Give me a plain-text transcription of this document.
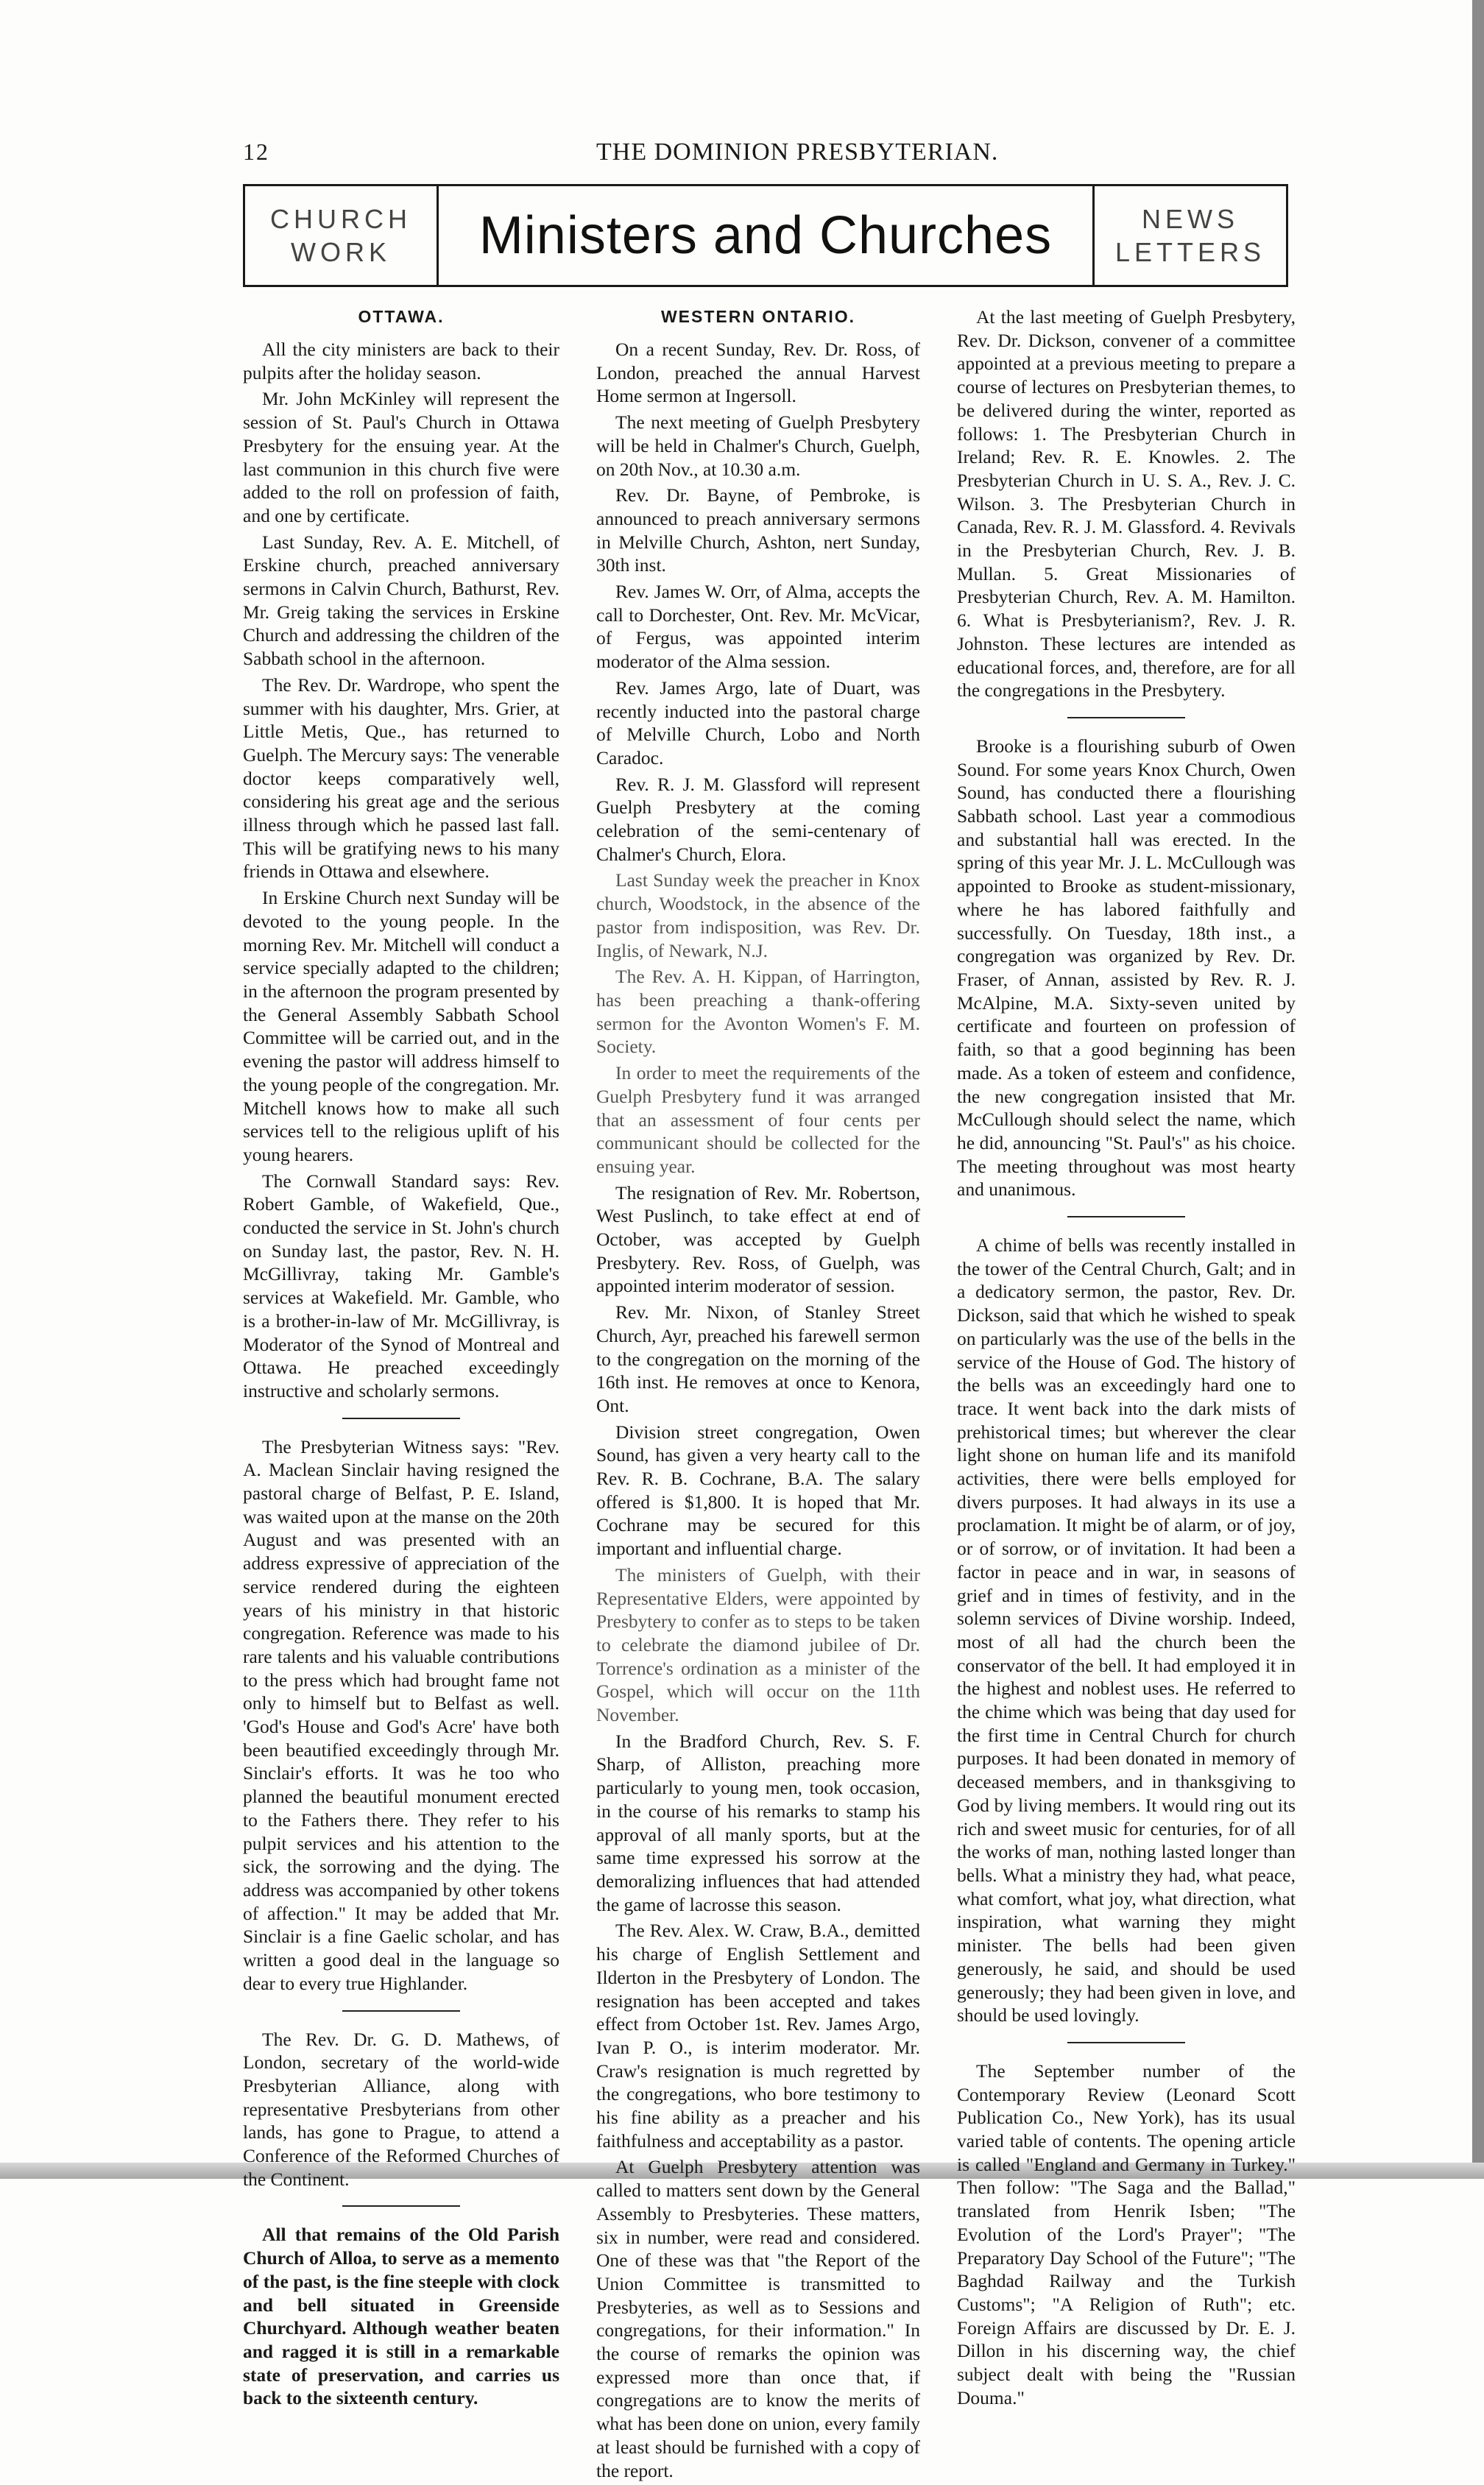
12	THE DOMINION PRESBYTERIAN.
CHURCH
WORK	Ministers and Churches	NEWS
LETTERS
OTTAWA.

All the city ministers are back to their pulpits after the holiday season.

Mr. John McKinley will represent the session of St. Paul's Church in Ottawa Presbytery for the ensuing year. At the last communion in this church five were added to the roll on profession of faith, and one by certificate.

Last Sunday, Rev. A. E. Mitchell, of Erskine church, preached anniversary sermons in Calvin Church, Bathurst, Rev. Mr. Greig taking the services in Erskine Church and addressing the children of the Sabbath school in the afternoon.

The Rev. Dr. Wardrope, who spent the summer with his daughter, Mrs. Grier, at Little Metis, Que., has returned to Guelph. The Mercury says: The venerable doctor keeps comparatively well, considering his great age and the serious illness through which he passed last fall. This will be gratifying news to his many friends in Ottawa and elsewhere.

In Erskine Church next Sunday will be devoted to the young people. In the morning Rev. Mr. Mitchell will conduct a service specially adapted to the children; in the afternoon the program presented by the General Assembly Sabbath School Committee will be carried out, and in the evening the pastor will address himself to the young people of the congregation. Mr. Mitchell knows how to make all such services tell to the religious uplift of his young hearers.

The Cornwall Standard says: Rev. Robert Gamble, of Wakefield, Que., conducted the service in St. John's church on Sunday last, the pastor, Rev. N. H. McGillivray, taking Mr. Gamble's services at Wakefield. Mr. Gamble, who is a brother-in-law of Mr. McGillivray, is Moderator of the Synod of Montreal and Ottawa. He preached exceedingly instructive and scholarly sermons.

The Presbyterian Witness says: "Rev. A. Maclean Sinclair having resigned the pastoral charge of Belfast, P. E. Island, was waited upon at the manse on the 20th August and was presented with an address expressive of appreciation of the service rendered during the eighteen years of his ministry in that historic congregation. Reference was made to his rare talents and his valuable contributions to the press which had brought fame not only to himself but to Belfast as well. 'God's House and God's Acre' have both been beautified exceedingly through Mr. Sinclair's efforts. It was he too who planned the beautiful monument erected to the Fathers there. They refer to his pulpit services and his attention to the sick, the sorrowing and the dying. The address was accompanied by other tokens of affection." It may be added that Mr. Sinclair is a fine Gaelic scholar, and has written a good deal in the language so dear to every true Highlander.

The Rev. Dr. G. D. Mathews, of London, secretary of the world-wide Presbyterian Alliance, along with representative Presbyterians from other lands, has gone to Prague, to attend a Conference of the Reformed Churches of the Continent.

All that remains of the Old Parish Church of Alloa, to serve as a memento of the past, is the fine steeple with clock and bell situated in Greenside Churchyard. Although weather beaten and ragged it is still in a remarkable state of preservation, and carries us back to the sixteenth century.

WESTERN ONTARIO.

On a recent Sunday, Rev. Dr. Ross, of London, preached the annual Harvest Home sermon at Ingersoll.

The next meeting of Guelph Presbytery will be held in Chalmer's Church, Guelph, on 20th Nov., at 10.30 a.m.

Rev. Dr. Bayne, of Pembroke, is announced to preach anniversary sermons in Melville Church, Ashton, nert Sunday, 30th inst.

Rev. James W. Orr, of Alma, accepts the call to Dorchester, Ont. Rev. Mr. McVicar, of Fergus, was appointed interim moderator of the Alma session.

Rev. James Argo, late of Duart, was recently inducted into the pastoral charge of Melville Church, Lobo and North Caradoc.

Rev. R. J. M. Glassford will represent Guelph Presbytery at the coming celebration of the semi-centenary of Chalmer's Church, Elora.

Last Sunday week the preacher in Knox church, Woodstock, in the absence of the pastor from indisposition, was Rev. Dr. Inglis, of Newark, N.J.

The Rev. A. H. Kippan, of Harrington, has been preaching a thank-offering sermon for the Avonton Women's F. M. Society.

In order to meet the requirements of the Guelph Presbytery fund it was arranged that an assessment of four cents per communicant should be collected for the ensuing year.

The resignation of Rev. Mr. Robertson, West Puslinch, to take effect at end of October, was accepted by Guelph Presbytery. Rev. Ross, of Guelph, was appointed interim moderator of session.

Rev. Mr. Nixon, of Stanley Street Church, Ayr, preached his farewell sermon to the congregation on the morning of the 16th inst. He removes at once to Kenora, Ont.

Division street congregation, Owen Sound, has given a very hearty call to the Rev. R. B. Cochrane, B.A. The salary offered is $1,800. It is hoped that Mr. Cochrane may be secured for this important and influential charge.

The ministers of Guelph, with their Representative Elders, were appointed by Presbytery to confer as to steps to be taken to celebrate the diamond jubilee of Dr. Torrence's ordination as a minister of the Gospel, which will occur on the 11th November.

In the Bradford Church, Rev. S. F. Sharp, of Alliston, preaching more particularly to young men, took occasion, in the course of his remarks to stamp his approval of all manly sports, but at the same time expressed his sorrow at the demoralizing influences that had attended the game of lacrosse this season.

The Rev. Alex. W. Craw, B.A., demitted his charge of English Settlement and Ilderton in the Presbytery of London. The resignation has been accepted and takes effect from October 1st. Rev. James Argo, Ivan P. O., is interim moderator. Mr. Craw's resignation is much regretted by the congregations, who bore testimony to his fine ability as a preacher and his faithfulness and acceptability as a pastor.

At Guelph Presbytery attention was called to matters sent down by the General Assembly to Presbyteries. These matters, six in number, were read and considered. One of these was that "the Report of the Union Committee is transmitted to Presbyteries, as well as to Sessions and congregations, for their information." In the course of remarks the opinion was expressed more than once that, if congregations are to know the merits of what has been done on union, every family at least should be furnished with a copy of the report.

At the last meeting of Guelph Presbytery, Rev. Dr. Dickson, convener of a committee appointed at a previous meeting to prepare a course of lectures on Presbyterian themes, to be delivered during the winter, reported as follows: 1. The Presbyterian Church in Ireland; Rev. R. E. Knowles. 2. The Presbyterian Church in U. S. A., Rev. J. C. Wilson. 3. The Presbyterian Church in Canada, Rev. R. J. M. Glassford. 4. Revivals in the Presbyterian Church, Rev. J. B. Mullan. 5. Great Missionaries of Presbyterian Church, Rev. A. M. Hamilton. 6. What is Presbyterianism?, Rev. J. R. Johnston. These lectures are intended as educational forces, and, therefore, are for all the congregations in the Presbytery.

Brooke is a flourishing suburb of Owen Sound. For some years Knox Church, Owen Sound, has conducted there a flourishing Sabbath school. Last year a commodious and substantial hall was erected. In the spring of this year Mr. J. L. McCullough was appointed to Brooke as student-missionary, where he has labored faithfully and successfully. On Tuesday, 18th inst., a congregation was organized by Rev. Dr. Fraser, of Annan, assisted by Rev. R. J. McAlpine, M.A. Sixty-seven united by certificate and fourteen on profession of faith, so that a good beginning has been made. As a token of esteem and confidence, the new congregation insisted that Mr. McCullough should select the name, which he did, announcing "St. Paul's" as his choice. The meeting throughout was most hearty and unanimous.

A chime of bells was recently installed in the tower of the Central Church, Galt; and in a dedicatory sermon, the pastor, Rev. Dr. Dickson, said that which he wished to speak on particularly was the use of the bells in the service of the House of God. The history of the bells was an exceedingly hard one to trace. It went back into the dark mists of prehistorical times; but wherever the clear light shone on human life and its manifold activities, there were bells employed for divers purposes. It had always in its use a proclamation. It might be of alarm, or of joy, or of sorrow, or of invitation. It had been a factor in peace and in war, in seasons of grief and in times of festivity, and in the solemn services of Divine worship. Indeed, most of all had the church been the conservator of the bell. It had employed it in the highest and noblest uses. He referred to the chime which was being that day used for the first time in Central Church for church purposes. It had been donated in memory of deceased members, and in thanksgiving to God by living members. It would ring out its rich and sweet music for centuries, for of all the works of man, nothing lasted longer than bells. What a ministry they had, what peace, what comfort, what joy, what direction, what inspiration, what warning they might minister. The bells had been given generously, he said, and should be used generously; they had been given in love, and should be used lovingly.

The September number of the Contemporary Review (Leonard Scott Publication Co., New York), has its usual varied table of contents. The opening article is called "England and Germany in Turkey." Then follow: "The Saga and the Ballad," translated from Henrik Isben; "The Evolution of the Lord's Prayer"; "The Preparatory Day School of the Future"; "The Baghdad Railway and the Turkish Customs"; "A Religion of Ruth"; etc. Foreign Affairs are discussed by Dr. E. J. Dillon in his discerning way, the chief subject dealt with being the "Russian Douma."
